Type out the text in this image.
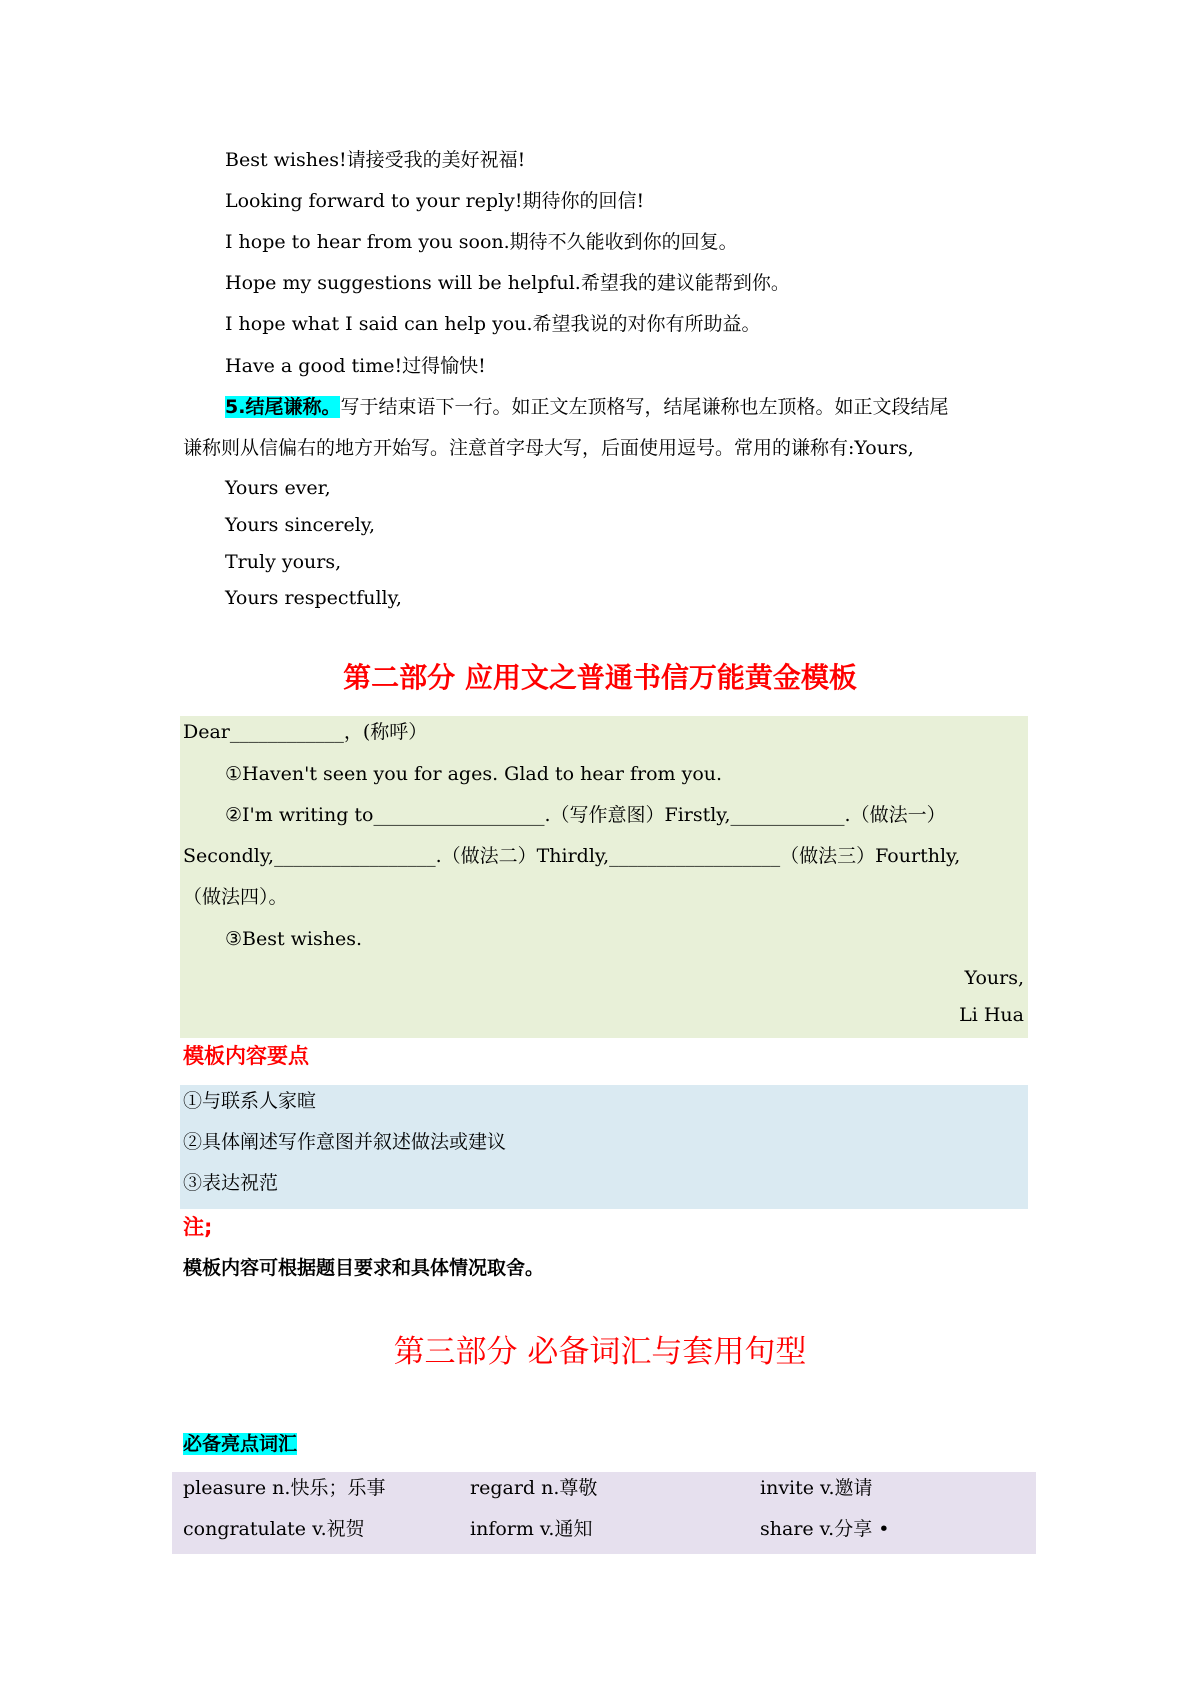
Best wishes!请接受我的美好祝福!
Looking forward to your reply!期待你的回信!
I hope to hear from you soon.期待不久能收到你的回复。
Hope my suggestions will be helpful.希望我的建议能帮到你。
I hope what I said can help you.希望我说的对你有所助益。
Have a good time!过得愉快!
5.结尾谦称。写于结束语下一行。如正文左顶格写，结尾谦称也左顶格。如正文段结尾
谦称则从信偏右的地方开始写。注意首字母大写，后面使用逗号。常用的谦称有:Yours,
Yours ever,
Yours sincerely,
Truly yours,
Yours respectfully,
第二部分 应用文之普通书信万能黄金模板
Dear____________，(称呼）
①Haven't seen you for ages. Glad to hear from you.
②I'm writing to__________________.（写作意图）Firstly,____________.（做法一）
Secondly,_________________.（做法二）Thirdly,__________________（做法三）Fourthly,
（做法四）。
③Best wishes.
Yours,
Li Hua
模板内容要点
①与联系人家暄
②具体阐述写作意图并叙述做法或建议
③表达祝范
注;
模板内容可根据题目要求和具体情况取舍。
第三部分 必备词汇与套用句型
必备亮点词汇
pleasure n.快乐；乐事	regard n.尊敬	invite v.邀请
congratulate v.祝贺	inform v.通知	share v.分享 •
